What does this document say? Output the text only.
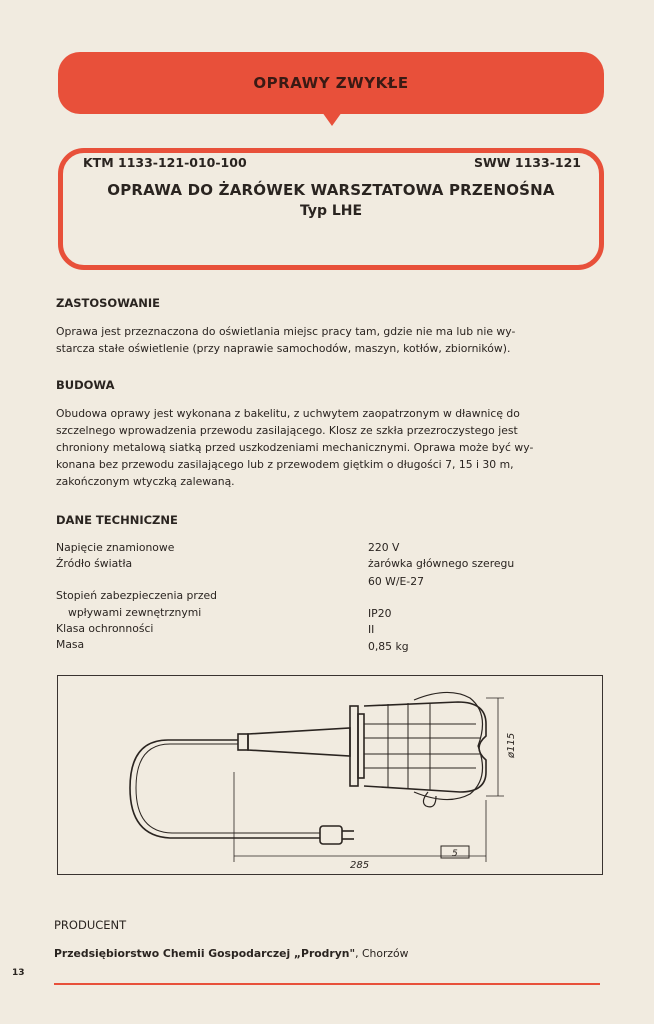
OPRAWY ZWYKŁE
KTM 1133-121-010-100	SWW 1133-121
OPRAWA DO ŻARÓWEK WARSZTATOWA PRZENOŚNA
Typ LHE
ZASTOSOWANIE
Oprawa jest przeznaczona do oświetlania miejsc pracy tam, gdzie nie ma lub nie wy-
starcza stałe oświetlenie (przy naprawie samochodów, maszyn, kotłów, zbiorników).
BUDOWA
Obudowa oprawy jest wykonana z bakelitu, z uchwytem zaopatrzonym w dławnicę do
szczelnego wprowadzenia przewodu zasilającego. Klosz ze szkła przezroczystego jest
chroniony metalową siatką przed uszkodzeniami mechanicznymi. Oprawa może być wy-
konana bez przewodu zasilającego lub z przewodem giętkim o długości 7, 15 i 30 m,
zakończonym wtyczką zalewaną.
DANE TECHNICZNE
Napięcie znamionowe	220 V
Źródło światła	żarówka głównego szeregu
60 W/E-27
Stopień zabezpieczenia przed
wpływami zewnętrznymi	IP20
Klasa ochronności	II
Masa	0,85 kg
ø115
285
5
PRODUCENT
Przedsiębiorstwo Chemii Gospodarczej „Prodryn", Chorzów
13
